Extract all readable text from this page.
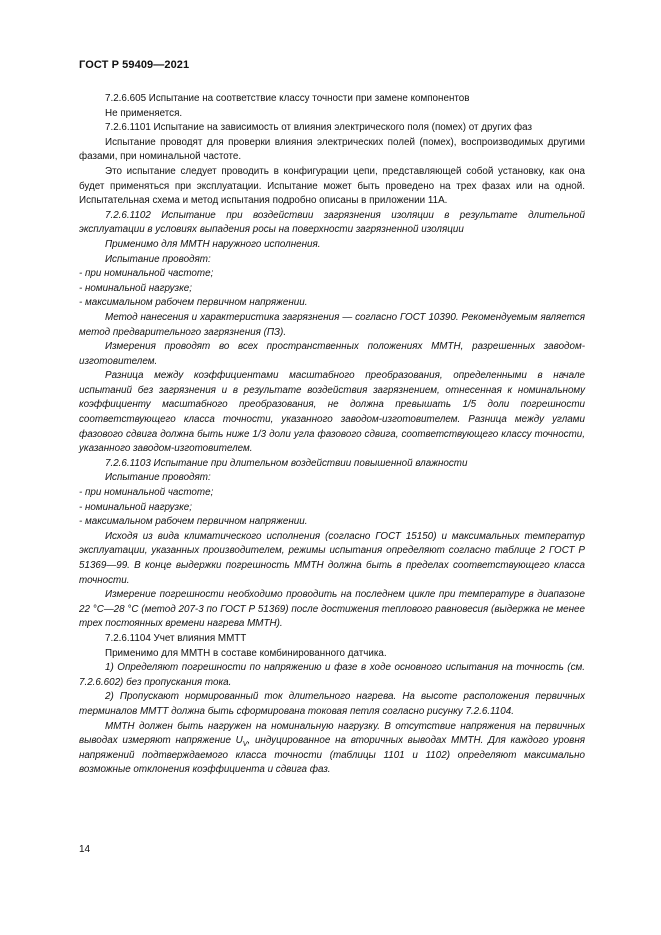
ГОСТ Р 59409—2021

7.2.6.605 Испытание на соответствие классу точности при замене компонентов

Не применяется.

7.2.6.1101 Испытание на зависимость от влияния электрического поля (помех) от других фаз

Испытание проводят для проверки влияния электрических полей (помех), воспроизводимых другими фазами, при номинальной частоте.

Это испытание следует проводить в конфигурации цепи, представляющей собой установку, как она будет применяться при эксплуатации. Испытание может быть проведено на трех фазах или на одной. Испытательная схема и метод испытания подробно описаны в приложении 11А.

7.2.6.1102 Испытание при воздействии загрязнения изоляции в результате длительной эксплуатации в условиях выпадения росы на поверхности загрязненной изоляции

Применимо для ММТН наружного исполнения.

Испытание проводят:

- при номинальной частоте;

- номинальной нагрузке;

- максимальном рабочем первичном напряжении.

Метод нанесения и характеристика загрязнения — согласно ГОСТ 10390. Рекомендуемым является метод предварительного загрязнения (ПЗ).

Измерения проводят во всех пространственных положениях ММТН, разрешенных заводом-изготовителем.

Разница между коэффициентами масштабного преобразования, определенными в начале испытаний без загрязнения и в результате воздействия загрязнением, отнесенная к номинальному коэффициенту масштабного преобразования, не должна превышать 1/5 доли погрешности соответствующего класса точности, указанного заводом-изготовителем. Разница между углами фазового сдвига должна быть ниже 1/3 доли угла фазового сдвига, соответствующего классу точности, указанного заводом-изготовителем.

7.2.6.1103 Испытание при длительном воздействии повышенной влажности

Испытание проводят:

- при номинальной частоте;

- номинальной нагрузке;

- максимальном рабочем первичном напряжении.

Исходя из вида климатического исполнения (согласно ГОСТ 15150) и максимальных температур эксплуатации, указанных производителем, режимы испытания определяют согласно таблице 2 ГОСТ Р 51369—99. В конце выдержки погрешность ММТН должна быть в пределах соответствующего класса точности.

Измерение погрешности необходимо проводить на последнем цикле при температуре в диапазоне 22 °С—28 °С (метод 207-3 по ГОСТ Р 51369) после достижения теплового равновесия (выдержка не менее трех постоянных времени нагрева ММТН).

7.2.6.1104 Учет влияния ММТТ

Применимо для ММТН в составе комбинированного датчика.

1) Определяют погрешности по напряжению и фазе в ходе основного испытания на точность (см. 7.2.6.602) без пропускания тока.

2) Пропускают нормированный ток длительного нагрева. На высоте расположения первичных терминалов ММТТ должна быть сформирована токовая петля согласно рисунку 7.2.6.1104.

ММТН должен быть нагружен на номинальную нагрузку. В отсутствие напряжения на первичных выводах измеряют напряжение $U_V$, индуцированное на вторичных выводах ММТН. Для каждого уровня напряжений подтверждаемого класса точности (таблицы 1101 и 1102) определяют максимально возможные отклонения коэффициента и сдвига фаз.

14
